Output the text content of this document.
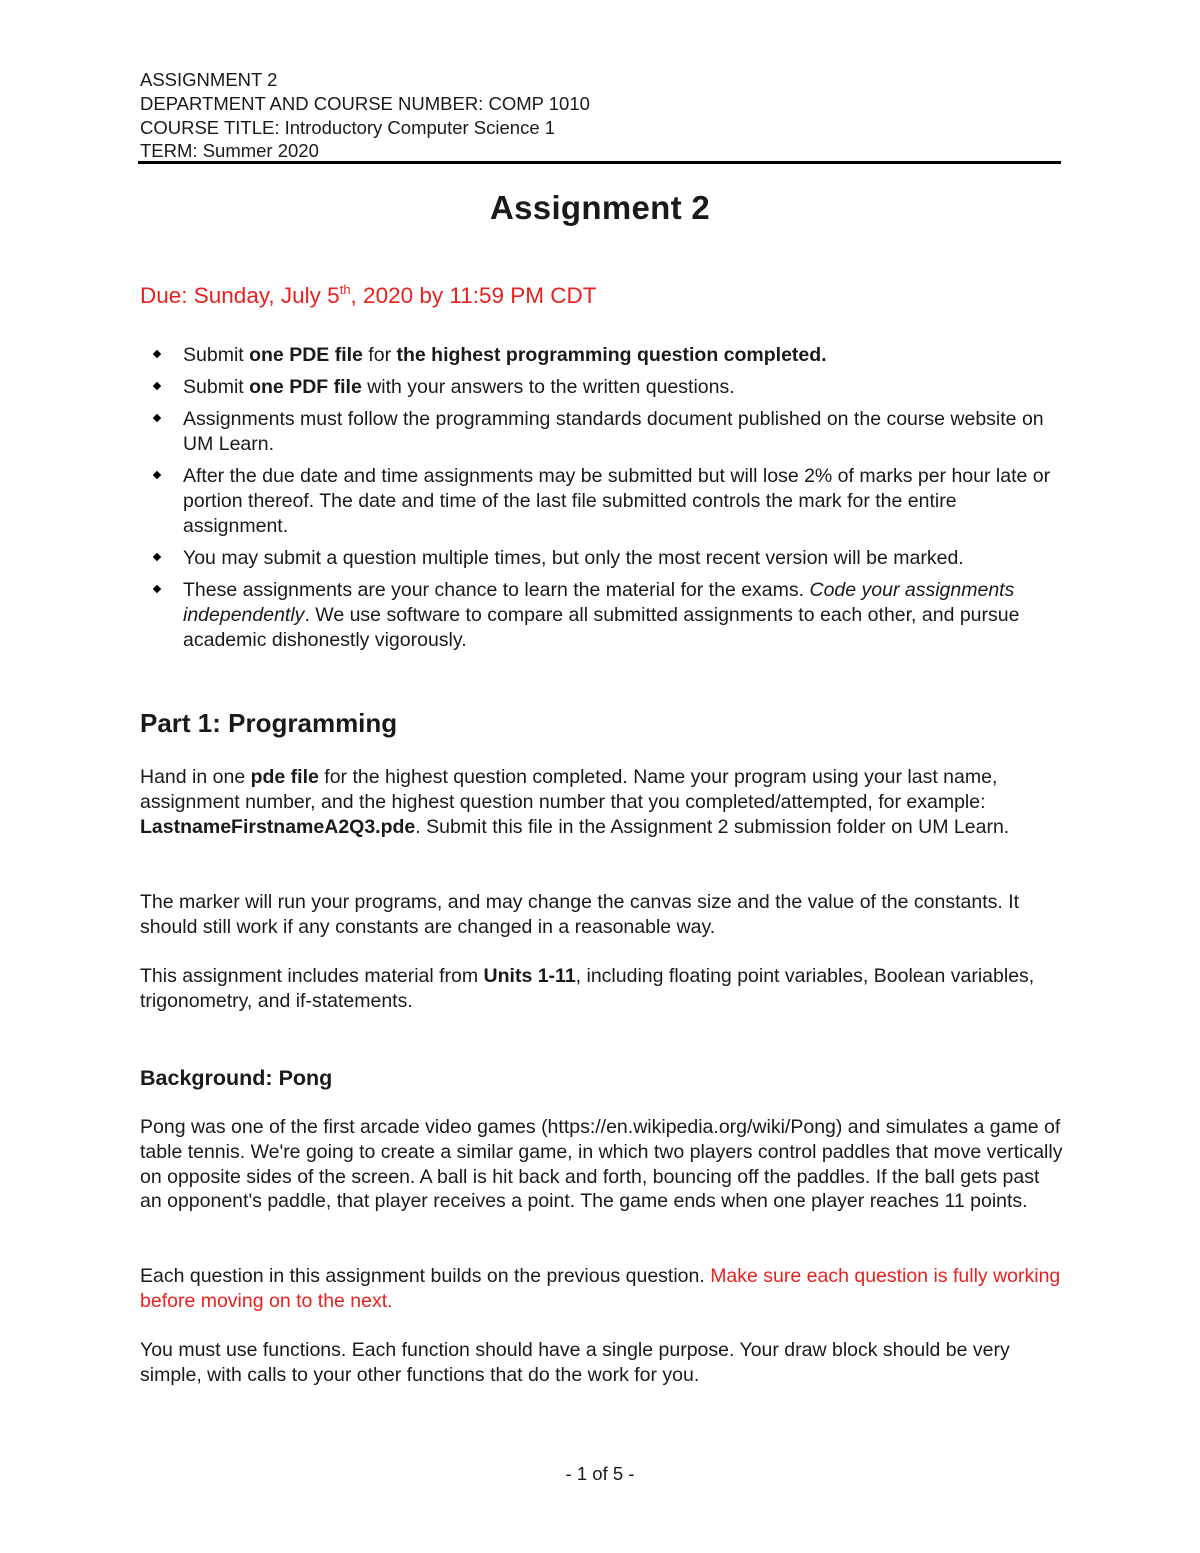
ASSIGNMENT 2
DEPARTMENT AND COURSE NUMBER: COMP 1010
COURSE TITLE: Introductory Computer Science 1
TERM: Summer 2020
Assignment 2
Due: Sunday, July 5th, 2020 by 11:59 PM CDT
Submit one PDE file for the highest programming question completed.
Submit one PDF file with your answers to the written questions.
Assignments must follow the programming standards document published on the course website on UM Learn.
After the due date and time assignments may be submitted but will lose 2% of marks per hour late or portion thereof. The date and time of the last file submitted controls the mark for the entire assignment.
You may submit a question multiple times, but only the most recent version will be marked.
These assignments are your chance to learn the material for the exams. Code your assignments independently. We use software to compare all submitted assignments to each other, and pursue academic dishonestly vigorously.
Part 1: Programming

Hand in one pde file for the highest question completed. Name your program using your last name, assignment number, and the highest question number that you completed/attempted, for example: LastnameFirstnameA2Q3.pde. Submit this file in the Assignment 2 submission folder on UM Learn.

The marker will run your programs, and may change the canvas size and the value of the constants. It should still work if any constants are changed in a reasonable way.

This assignment includes material from Units 1-11, including floating point variables, Boolean variables, trigonometry, and if-statements.

Background: Pong

Pong was one of the first arcade video games (https://en.wikipedia.org/wiki/Pong) and simulates a game of table tennis. We're going to create a similar game, in which two players control paddles that move vertically on opposite sides of the screen. A ball is hit back and forth, bouncing off the paddles. If the ball gets past an opponent's paddle, that player receives a point. The game ends when one player reaches 11 points.

Each question in this assignment builds on the previous question. Make sure each question is fully working before moving on to the next.

You must use functions. Each function should have a single purpose. Your draw block should be very simple, with calls to your other functions that do the work for you.

- 1 of 5 -
